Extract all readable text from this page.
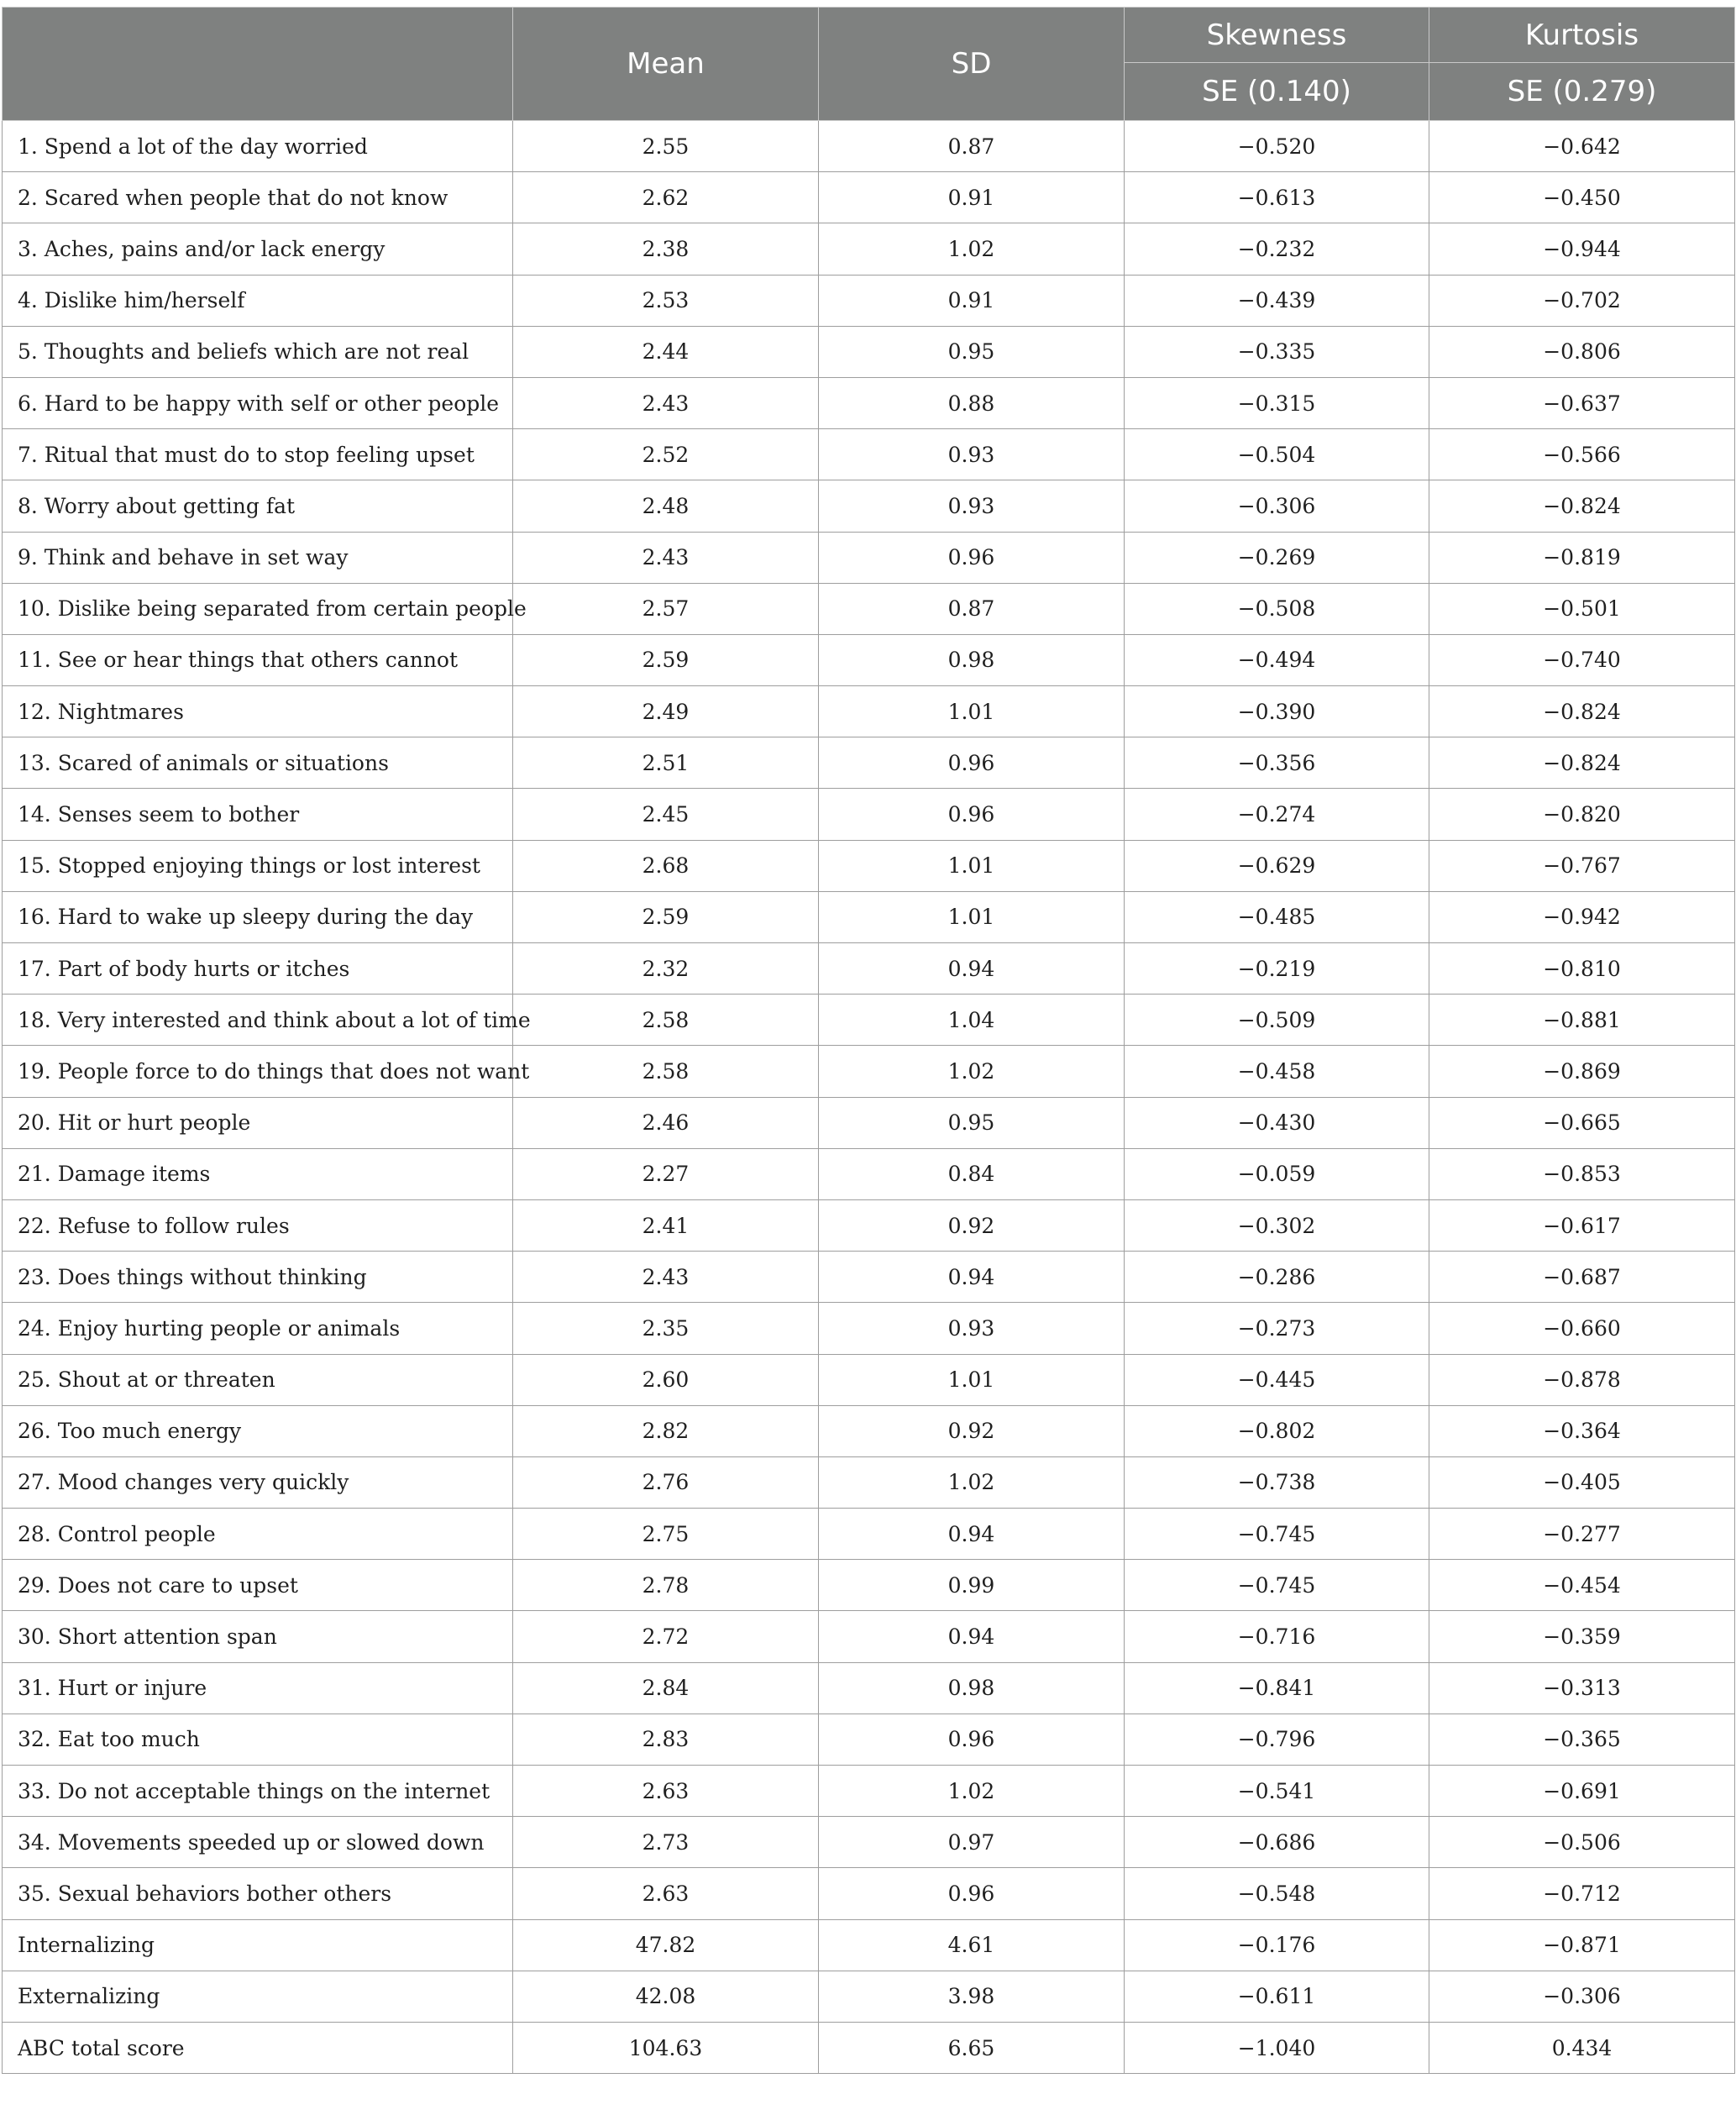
	Mean	SD	Skewness	Kurtosis
			SE (0.140)	SE (0.279)
1. Spend a lot of the day worried	2.55	0.87	−0.520	−0.642
2. Scared when people that do not know	2.62	0.91	−0.613	−0.450
3. Aches, pains and/or lack energy	2.38	1.02	−0.232	−0.944
4. Dislike him/herself	2.53	0.91	−0.439	−0.702
5. Thoughts and beliefs which are not real	2.44	0.95	−0.335	−0.806
6. Hard to be happy with self or other people	2.43	0.88	−0.315	−0.637
7. Ritual that must do to stop feeling upset	2.52	0.93	−0.504	−0.566
8. Worry about getting fat	2.48	0.93	−0.306	−0.824
9. Think and behave in set way	2.43	0.96	−0.269	−0.819
10. Dislike being separated from certain people	2.57	0.87	−0.508	−0.501
11. See or hear things that others cannot	2.59	0.98	−0.494	−0.740
12. Nightmares	2.49	1.01	−0.390	−0.824
13. Scared of animals or situations	2.51	0.96	−0.356	−0.824
14. Senses seem to bother	2.45	0.96	−0.274	−0.820
15. Stopped enjoying things or lost interest	2.68	1.01	−0.629	−0.767
16. Hard to wake up sleepy during the day	2.59	1.01	−0.485	−0.942
17. Part of body hurts or itches	2.32	0.94	−0.219	−0.810
18. Very interested and think about a lot of time	2.58	1.04	−0.509	−0.881
19. People force to do things that does not want	2.58	1.02	−0.458	−0.869
20. Hit or hurt people	2.46	0.95	−0.430	−0.665
21. Damage items	2.27	0.84	−0.059	−0.853
22. Refuse to follow rules	2.41	0.92	−0.302	−0.617
23. Does things without thinking	2.43	0.94	−0.286	−0.687
24. Enjoy hurting people or animals	2.35	0.93	−0.273	−0.660
25. Shout at or threaten	2.60	1.01	−0.445	−0.878
26. Too much energy	2.82	0.92	−0.802	−0.364
27. Mood changes very quickly	2.76	1.02	−0.738	−0.405
28. Control people	2.75	0.94	−0.745	−0.277
29. Does not care to upset	2.78	0.99	−0.745	−0.454
30. Short attention span	2.72	0.94	−0.716	−0.359
31. Hurt or injure	2.84	0.98	−0.841	−0.313
32. Eat too much	2.83	0.96	−0.796	−0.365
33. Do not acceptable things on the internet	2.63	1.02	−0.541	−0.691
34. Movements speeded up or slowed down	2.73	0.97	−0.686	−0.506
35. Sexual behaviors bother others	2.63	0.96	−0.548	−0.712
Internalizing	47.82	4.61	−0.176	−0.871
Externalizing	42.08	3.98	−0.611	−0.306
ABC total score	104.63	6.65	−1.040	0.434
